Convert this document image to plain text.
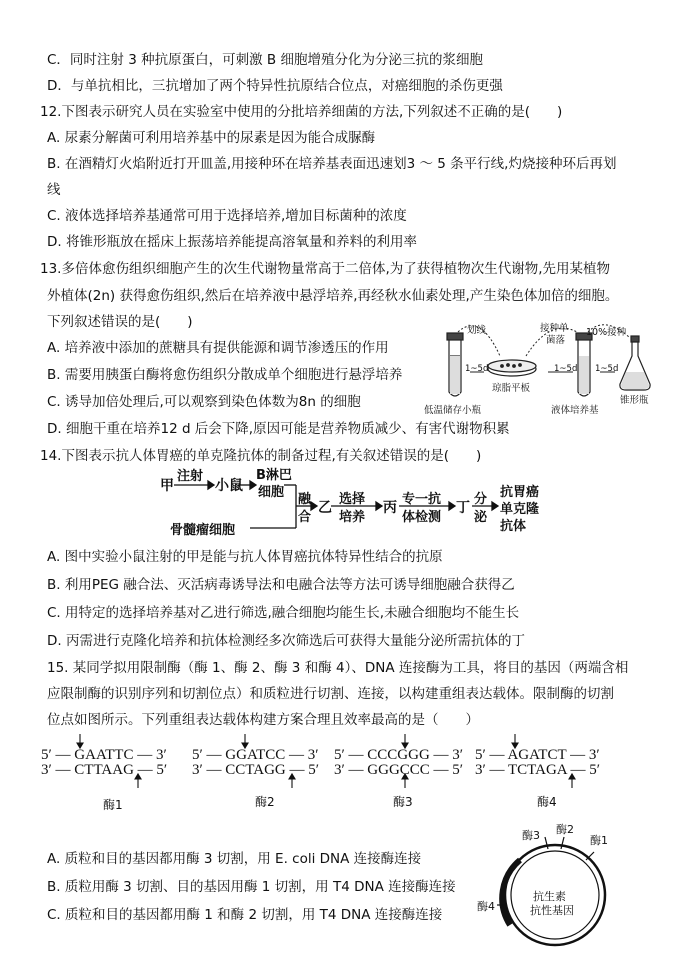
C．同时注射 3 种抗原蛋白，可刺激 B 细胞增殖分化为分泌三抗的浆细胞
D．与单抗相比，三抗增加了两个特异性抗原结合位点，对癌细胞的杀伤更强
12.下图表示研究人员在实验室中使用的分批培养细菌的方法,下列叙述不正确的是(　　)
A. 尿素分解菌可利用培养基中的尿素是因为能合成脲酶
B. 在酒精灯火焰附近打开皿盖,用接种环在培养基表面迅速划3 ～ 5 条平行线,灼烧接种环后再划
线
C. 液体选择培养基通常可用于选择培养,增加目标菌种的浓度
D. 将锥形瓶放在摇床上振荡培养能提高溶氧量和养料的利用率
13.多倍体愈伤组织细胞产生的次生代谢物量常高于二倍体,为了获得植物次生代谢物,先用某植物
外植体(2n) 获得愈伤组织,然后在培养液中悬浮培养,再经秋水仙素处理,产生染色体加倍的细胞。
下列叙述错误的是(　　)
A. 培养液中添加的蔗糖具有提供能源和调节渗透压的作用
B. 需要用胰蛋白酶将愈伤组织分散成单个细胞进行悬浮培养
C. 诱导加倍处理后,可以观察到染色体数为8n 的细胞
D. 细胞干重在培养12 d 后会下降,原因可能是营养物质减少、有害代谢物积累
14.下图表示抗人体胃癌的单克隆抗体的制备过程,有关叙述错误的是(　　)
划线	接种单
菌落
10%接种
1~5d	1~5d 1~5d
琼脂平板
低温储存小瓶	液体培养基
锥形瓶
甲
注射
小鼠
B淋巴
细胞 融
合
乙
选择
培养
丙
专一抗
体检测
丁
分
泌
抗胃癌
单克隆
抗体
骨髓瘤细胞
A. 图中实验小鼠注射的甲是能与抗人体胃癌抗体特异性结合的抗原
B. 利用PEG 融合法、灭活病毒诱导法和电融合法等方法可诱导细胞融合获得乙
C. 用特定的选择培养基对乙进行筛选,融合细胞均能生长,未融合细胞均不能生长
D. 丙需进行克隆化培养和抗体检测经多次筛选后可获得大量能分泌所需抗体的丁
15. 某同学拟用限制酶（酶 1、酶 2、酶 3 和酶 4）、DNA 连接酶为工具，将目的基因（两端含相
应限制酶的识别序列和切割位点）和质粒进行切割、连接，以构建重组表达载体。限制酶的切割
位点如图所示。下列重组表达载体构建方案合理且效率最高的是（　　）
5′ — GAATTC — 3′
3′ — CTTAAG — 5′
5′ — GGATCC — 3′
3′ — CCTAGG — 5′
5′ — CCCGGG — 3′
3′ — GGGCCC — 5′
5′ — AGATCT — 3′
3′ — TCTAGA — 5′
酶1	酶2	酶3	酶4
酶3 酶2
酶1
酶4
抗生素
抗性基因
A. 质粒和目的基因都用酶 3 切割，用 E. coli DNA 连接酶连接
B. 质粒用酶 3 切割、目的基因用酶 1 切割，用 T4 DNA 连接酶连接
C. 质粒和目的基因都用酶 1 和酶 2 切割，用 T4 DNA 连接酶连接
